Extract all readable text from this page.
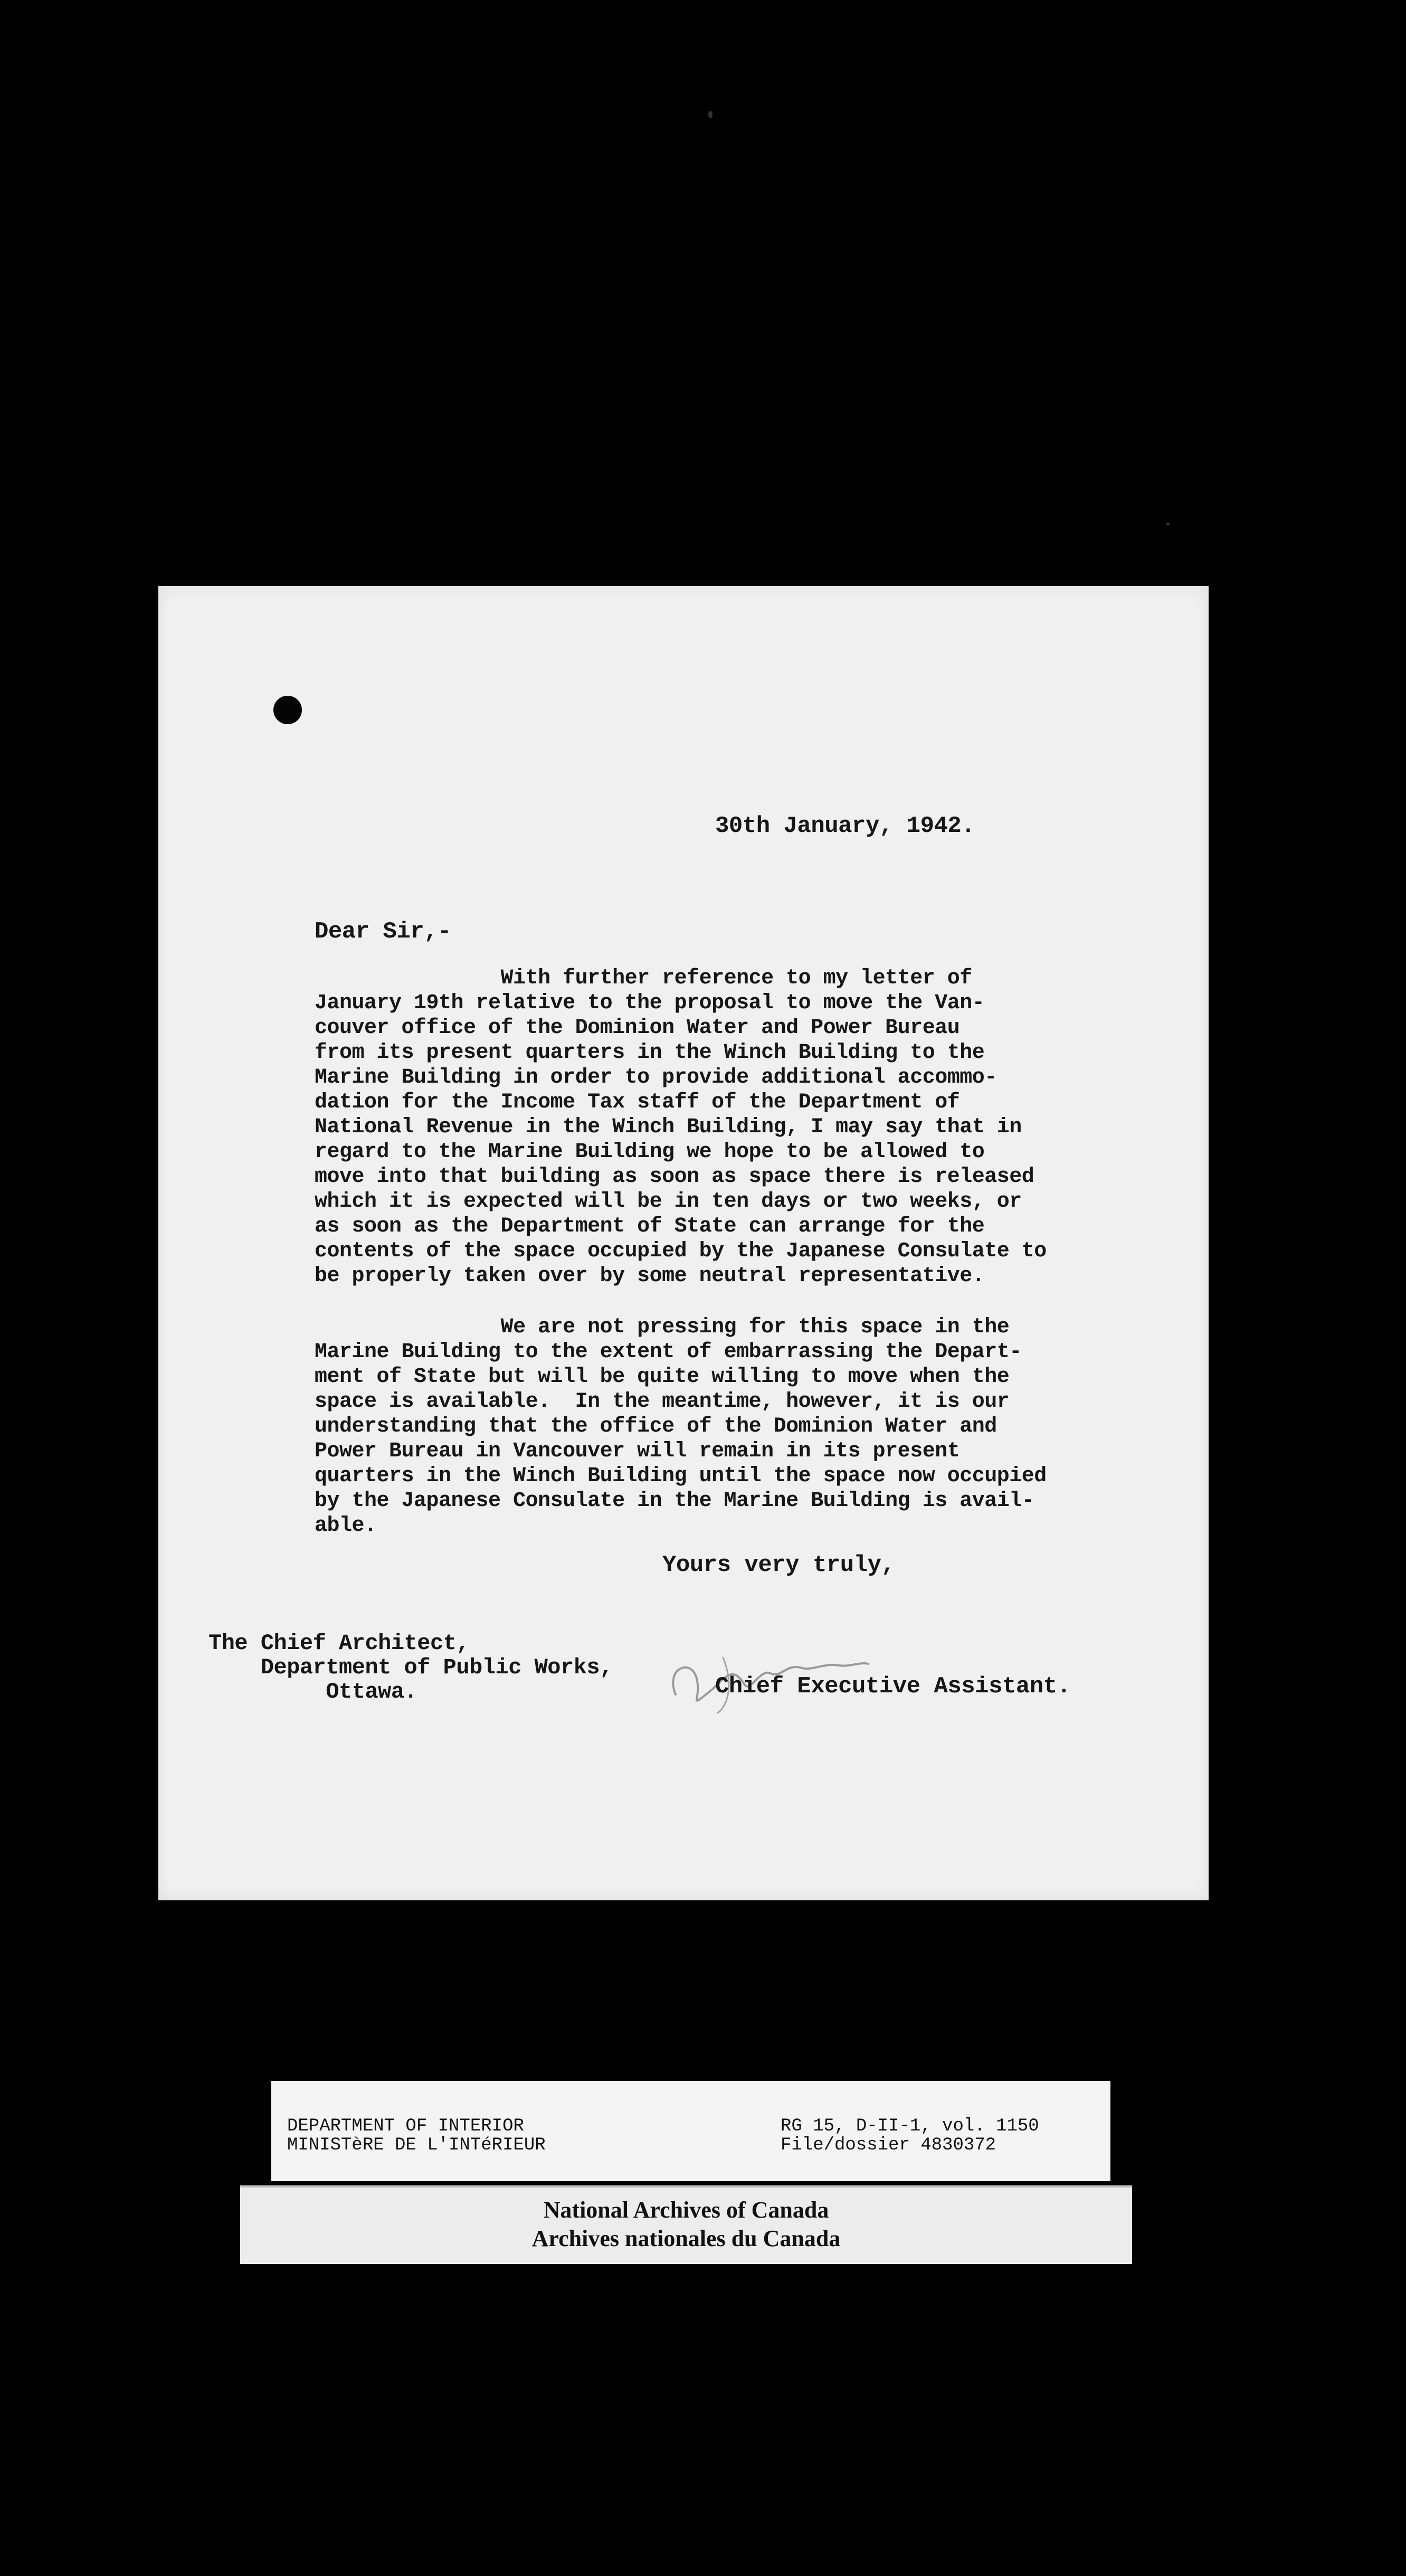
30th January, 1942.
Dear Sir,-
With further reference to my letter of
January 19th relative to the proposal to move the Van-
couver office of the Dominion Water and Power Bureau
from its present quarters in the Winch Building to the
Marine Building in order to provide additional accommo-
dation for the Income Tax staff of the Department of
National Revenue in the Winch Building, I may say that in
regard to the Marine Building we hope to be allowed to
move into that building as soon as space there is released
which it is expected will be in ten days or two weeks, or
as soon as the Department of State can arrange for the
contents of the space occupied by the Japanese Consulate to
be properly taken over by some neutral representative.
We are not pressing for this space in the
Marine Building to the extent of embarrassing the Depart-
ment of State but will be quite willing to move when the
space is available.  In the meantime, however, it is our
understanding that the office of the Dominion Water and
Power Bureau in Vancouver will remain in its present
quarters in the Winch Building until the space now occupied
by the Japanese Consulate in the Marine Building is avail-
able.
Yours very truly,
The Chief Architect,
Department of Public Works,
Ottawa.	Chief Executive Assistant.
DEPARTMENT OF INTERIOR
MINISTèRE DE L'INTéRIEUR
RG 15, D-II-1, vol. 1150
File/dossier 4830372
National Archives of Canada
Archives nationales du Canada
